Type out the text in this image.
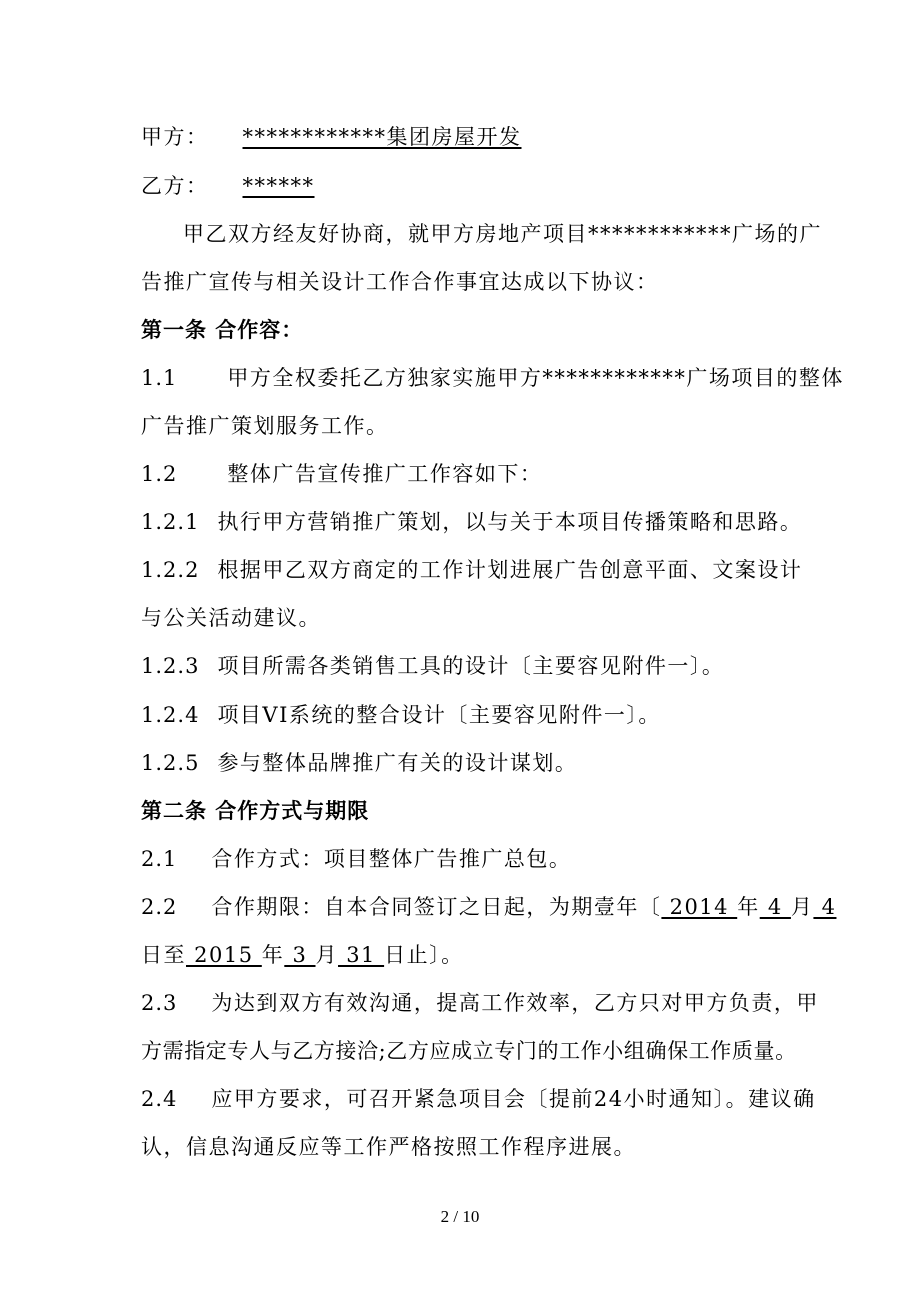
甲方： ************集团房屋开发
乙方： ******
甲乙双方经友好协商，就甲方房地产项目************广场的广
告推广宣传与相关设计工作合作事宜达成以下协议：
第一条 合作容：
1.1 甲方全权委托乙方独家实施甲方************广场项目的整体
广告推广策划服务工作。
1.2 整体广告宣传推广工作容如下：
1.2.1 执行甲方营销推广策划，以与关于本项目传播策略和思路。
1.2.2 根据甲乙双方商定的工作计划进展广告创意平面、文案设计
与公关活动建议。
1.2.3 项目所需各类销售工具的设计〔主要容见附件一〕。
1.2.4 项目VI系统的整合设计〔主要容见附件一〕。
1.2.5 参与整体品牌推广有关的设计谋划。
第二条 合作方式与期限
2.1 合作方式：项目整体广告推广总包。
2.2 合作期限：自本合同签订之日起，为期壹年〔 2014 年 4 月 4
日至 2015 年 3 月 31 日止〕。
2.3 为达到双方有效沟通，提高工作效率，乙方只对甲方负责，甲
方需指定专人与乙方接洽;乙方应成立专门的工作小组确保工作质量。
2.4 应甲方要求，可召开紧急项目会〔提前24小时通知〕。建议确
认，信息沟通反应等工作严格按照工作程序进展。
2 / 10
